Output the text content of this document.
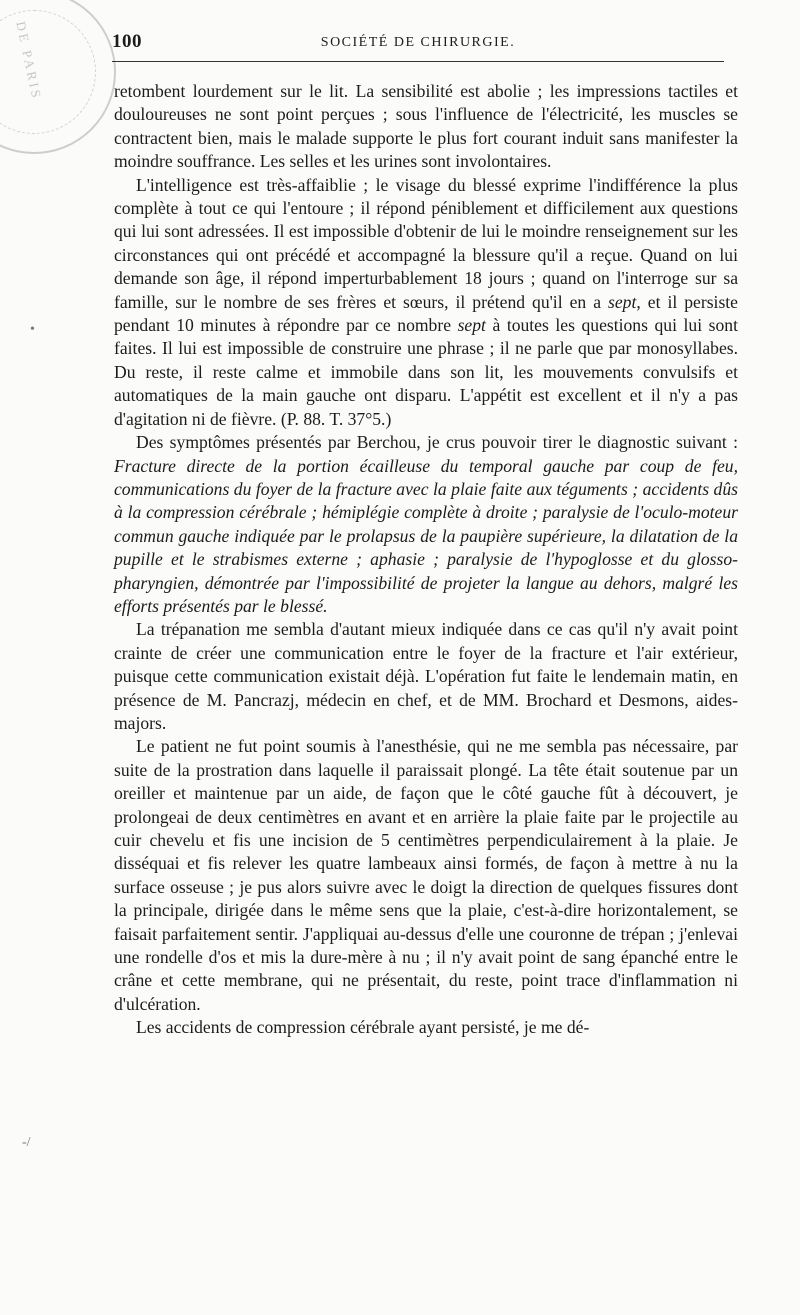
DE PARIS
•
-/
100	SOCIÉTÉ DE CHIRURGIE.

retombent lourdement sur le lit. La sensibilité est abolie ; les impressions tactiles et douloureuses ne sont point perçues ; sous l'influence de l'électricité, les muscles se contractent bien, mais le malade supporte le plus fort courant induit sans manifester la moindre souffrance. Les selles et les urines sont involontaires.

L'intelligence est très-affaiblie ; le visage du blessé exprime l'indifférence la plus complète à tout ce qui l'entoure ; il répond péniblement et difficilement aux questions qui lui sont adressées. Il est impossible d'obtenir de lui le moindre renseignement sur les circonstances qui ont précédé et accompagné la blessure qu'il a reçue. Quand on lui demande son âge, il répond imperturbablement 18 jours ; quand on l'interroge sur sa famille, sur le nombre de ses frères et sœurs, il prétend qu'il en a sept, et il persiste pendant 10 minutes à répondre par ce nombre sept à toutes les questions qui lui sont faites. Il lui est impossible de construire une phrase ; il ne parle que par monosyllabes. Du reste, il reste calme et immobile dans son lit, les mouvements convulsifs et automatiques de la main gauche ont disparu. L'appétit est excellent et il n'y a pas d'agitation ni de fièvre. (P. 88. T. 37°5.)

Des symptômes présentés par Berchou, je crus pouvoir tirer le diagnostic suivant : Fracture directe de la portion écailleuse du temporal gauche par coup de feu, communications du foyer de la fracture avec la plaie faite aux téguments ; accidents dûs à la compression cérébrale ; hémiplégie complète à droite ; paralysie de l'oculo-moteur commun gauche indiquée par le prolapsus de la paupière supérieure, la dilatation de la pupille et le strabismes externe ; aphasie ; paralysie de l'hypoglosse et du glosso-pharyngien, démontrée par l'impossibilité de projeter la langue au dehors, malgré les efforts présentés par le blessé.

La trépanation me sembla d'autant mieux indiquée dans ce cas qu'il n'y avait point crainte de créer une communication entre le foyer de la fracture et l'air extérieur, puisque cette communication existait déjà. L'opération fut faite le lendemain matin, en présence de M. Pancrazj, médecin en chef, et de MM. Brochard et Desmons, aides-majors.

Le patient ne fut point soumis à l'anesthésie, qui ne me sembla pas nécessaire, par suite de la prostration dans laquelle il paraissait plongé. La tête était soutenue par un oreiller et maintenue par un aide, de façon que le côté gauche fût à découvert, je prolongeai de deux centimètres en avant et en arrière la plaie faite par le projectile au cuir chevelu et fis une incision de 5 centimètres perpendiculairement à la plaie. Je disséquai et fis relever les quatre lambeaux ainsi formés, de façon à mettre à nu la surface osseuse ; je pus alors suivre avec le doigt la direction de quelques fissures dont la principale, dirigée dans le même sens que la plaie, c'est-à-dire horizontalement, se faisait parfaitement sentir. J'appliquai au-dessus d'elle une couronne de trépan ; j'enlevai une rondelle d'os et mis la dure-mère à nu ; il n'y avait point de sang épanché entre le crâne et cette membrane, qui ne présentait, du reste, point trace d'inflammation ni d'ulcération.

Les accidents de compression cérébrale ayant persisté, je me dé-
